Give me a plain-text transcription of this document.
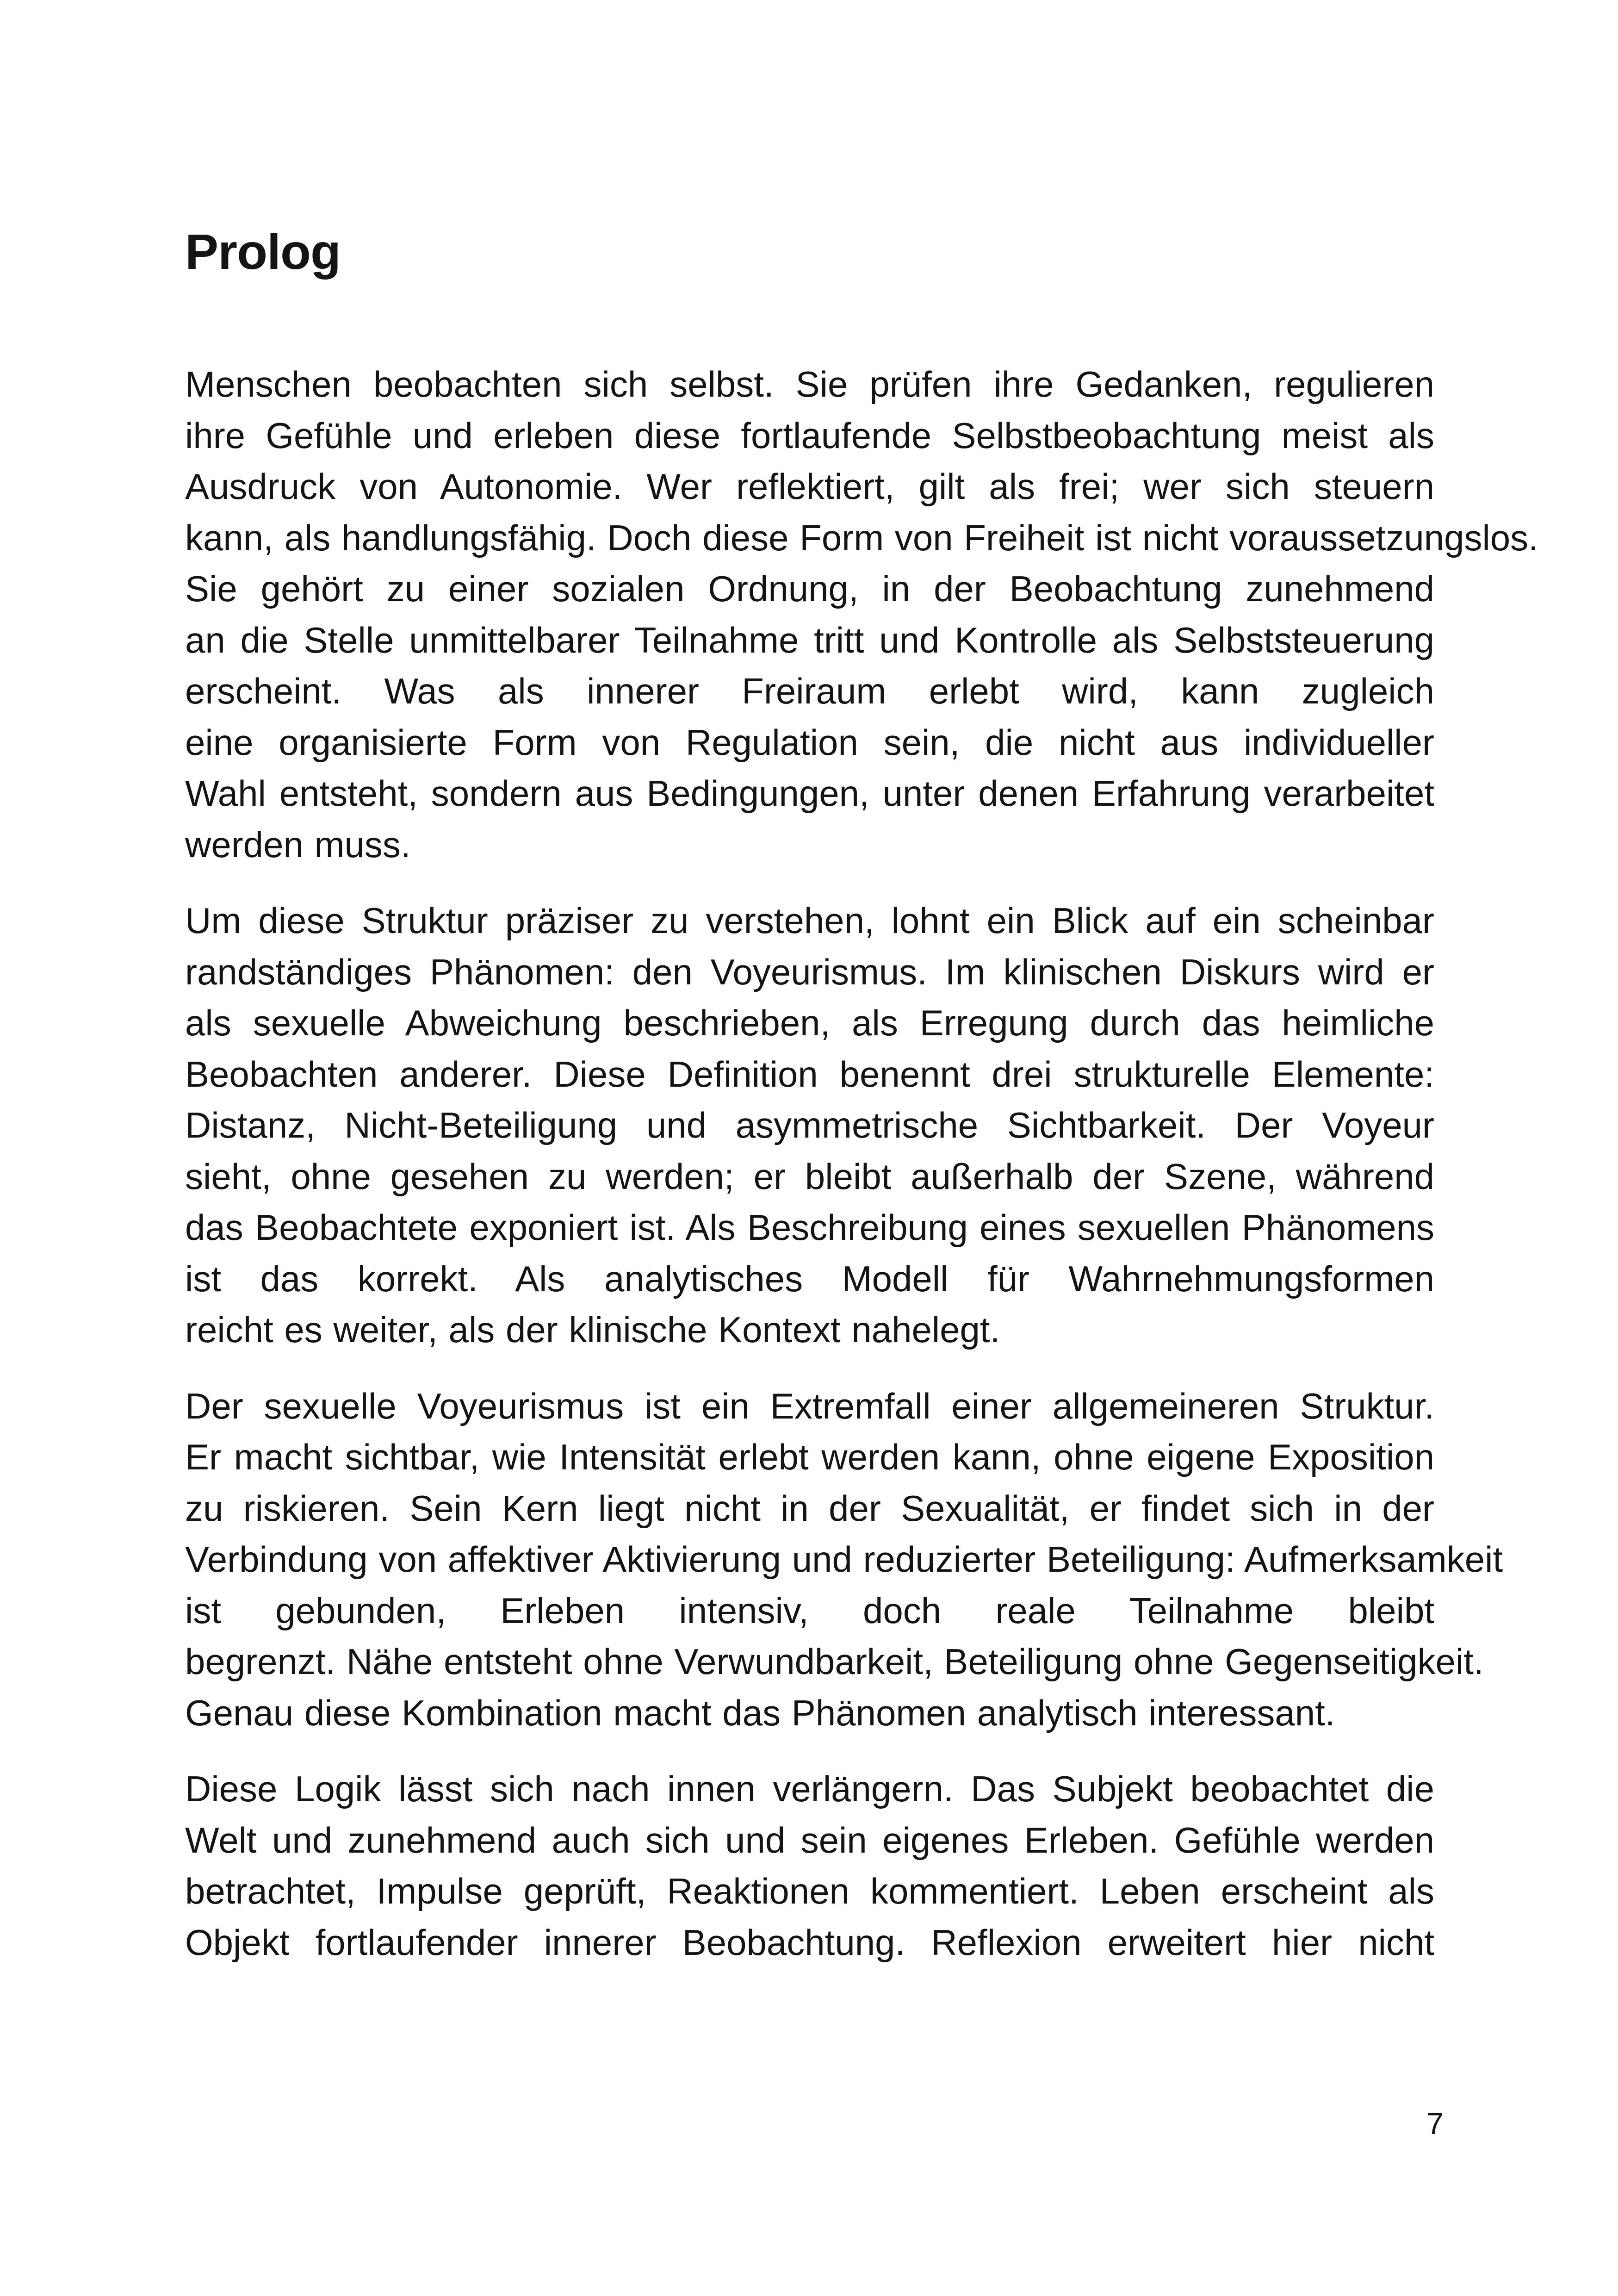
Prolog

Menschen beobachten sich selbst. Sie prüfen ihre Gedanken, regulieren
ihre Gefühle und erleben diese fortlaufende Selbstbeobachtung meist als
Ausdruck von Autonomie. Wer reflektiert, gilt als frei; wer sich steuern
kann, als handlungsfähig. Doch diese Form von Freiheit ist nicht voraussetzungslos.
Sie gehört zu einer sozialen Ordnung, in der Beobachtung zunehmend
an die Stelle unmittelbarer Teilnahme tritt und Kontrolle als Selbststeuerung
erscheint. Was als innerer Freiraum erlebt wird, kann zugleich
eine organisierte Form von Regulation sein, die nicht aus individueller
Wahl entsteht, sondern aus Bedingungen, unter denen Erfahrung verarbeitet
werden muss.

Um diese Struktur präziser zu verstehen, lohnt ein Blick auf ein scheinbar
randständiges Phänomen: den Voyeurismus. Im klinischen Diskurs wird er
als sexuelle Abweichung beschrieben, als Erregung durch das heimliche
Beobachten anderer. Diese Definition benennt drei strukturelle Elemente:
Distanz, Nicht-Beteiligung und asymmetrische Sichtbarkeit. Der Voyeur
sieht, ohne gesehen zu werden; er bleibt außerhalb der Szene, während
das Beobachtete exponiert ist. Als Beschreibung eines sexuellen Phänomens
ist das korrekt. Als analytisches Modell für Wahrnehmungsformen
reicht es weiter, als der klinische Kontext nahelegt.

Der sexuelle Voyeurismus ist ein Extremfall einer allgemeineren Struktur.
Er macht sichtbar, wie Intensität erlebt werden kann, ohne eigene Exposition
zu riskieren. Sein Kern liegt nicht in der Sexualität, er findet sich in der
Verbindung von affektiver Aktivierung und reduzierter Beteiligung: Aufmerksamkeit
ist gebunden, Erleben intensiv, doch reale Teilnahme bleibt
begrenzt. Nähe entsteht ohne Verwundbarkeit, Beteiligung ohne Gegenseitigkeit.
Genau diese Kombination macht das Phänomen analytisch interessant.

Diese Logik lässt sich nach innen verlängern. Das Subjekt beobachtet die
Welt und zunehmend auch sich und sein eigenes Erleben. Gefühle werden
betrachtet, Impulse geprüft, Reaktionen kommentiert. Leben erscheint als
Objekt fortlaufender innerer Beobachtung. Reflexion erweitert hier nicht

7
